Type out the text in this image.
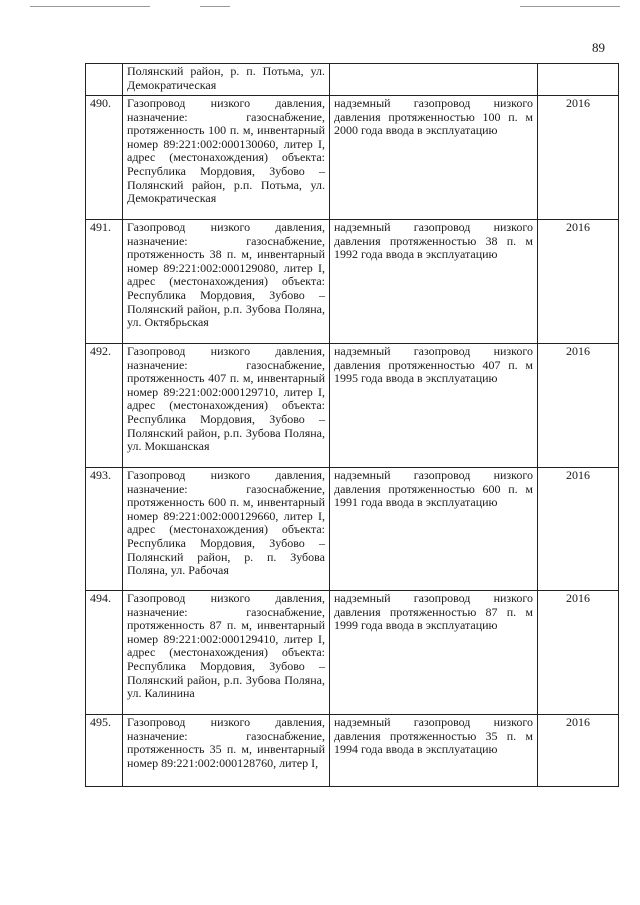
89
	Полянский район, р. п. Потьма, ул. Демократическая		
490.	Газопровод низкого давления, назначение: газоснабжение, протяженность 100 п. м, инвентарный номер 89:221:002:000130060, литер I, адрес (местонахождения) объекта: Республика Мордовия, Зубово – Полянский район, р.п. Потьма, ул. Демократическая	надземный газопровод низкого давления протяженностью 100 п. м 2000 года ввода в эксплуатацию	2016
491.	Газопровод низкого давления, назначение: газоснабжение, протяженность 38 п. м, инвентарный номер 89:221:002:000129080, литер I, адрес (местонахождения) объекта: Республика Мордовия, Зубово – Полянский район, р.п. Зубова Поляна, ул. Октябрьская	надземный газопровод низкого давления протяженностью 38 п. м 1992 года ввода в эксплуатацию	2016
492.	Газопровод низкого давления, назначение: газоснабжение, протяженность 407 п. м, инвентарный номер 89:221:002:000129710, литер I, адрес (местонахождения) объекта: Республика Мордовия, Зубово – Полянский район, р.п. Зубова Поляна, ул. Мокшанская	надземный газопровод низкого давления протяженностью 407 п. м 1995 года ввода в эксплуатацию	2016
493.	Газопровод низкого давления, назначение: газоснабжение, протяженность 600 п. м, инвентарный номер 89:221:002:000129660, литер I, адрес (местонахождения) объекта: Республика Мордовия, Зубово – Полянский район, р. п. Зубова Поляна, ул. Рабочая	надземный газопровод низкого давления протяженностью 600 п. м 1991 года ввода в эксплуатацию	2016
494.	Газопровод низкого давления, назначение: газоснабжение, протяженность 87 п. м, инвентарный номер 89:221:002:000129410, литер I, адрес (местонахождения) объекта: Республика Мордовия, Зубово – Полянский район, р.п. Зубова Поляна, ул. Калинина	надземный газопровод низкого давления протяженностью 87 п. м 1999 года ввода в эксплуатацию	2016
495.	Газопровод низкого давления, назначение: газоснабжение, протяженность 35 п. м, инвентарный номер 89:221:002:000128760, литер I,	надземный газопровод низкого давления протяженностью 35 п. м 1994 года ввода в эксплуатацию	2016
